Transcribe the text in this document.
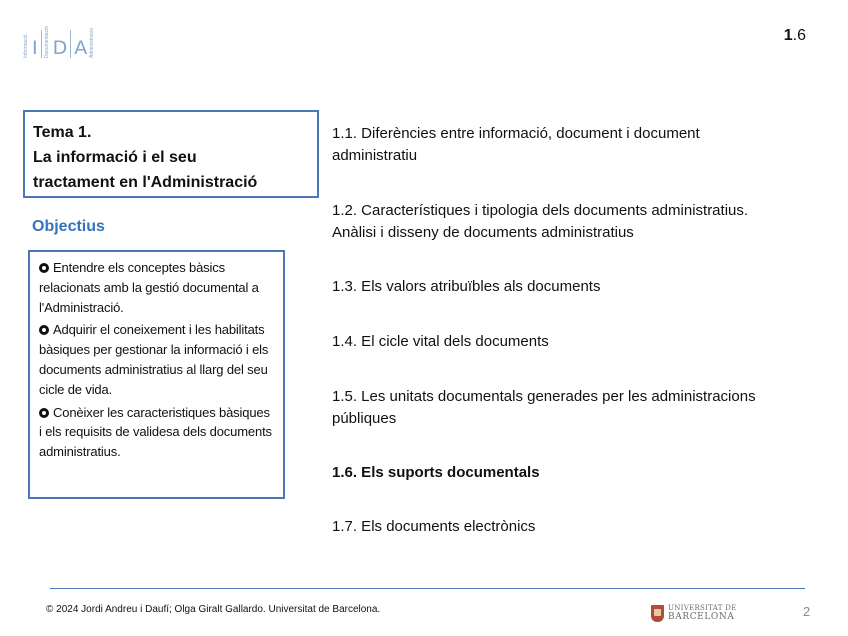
Informació I Documentació D A Administració	1.6
Tema 1.
La informació i el seu
tractament en l'Administració
Objectius
Entendre els conceptes bàsics relacionats amb la gestió documental a l'Administració.
Adquirir el coneixement i les habilitats bàsiques per gestionar la informació i els documents administratius al llarg del seu cicle de vida.
Conèixer les caracteristiques bàsiques i els requisits de validesa dels documents administratius.
1.1. Diferències entre informació, document i document
administratiu
1.2. Característiques i tipologia dels documents administratius.
Anàlisi i disseny de documents administratius
1.3. Els valors atribuïbles als documents
1.4. El cicle vital dels documents
1.5. Les unitats documentals generades per les administracions
públiques
1.6. Els suports documentals
1.7. Els documents electrònics
© 2024 Jordi Andreu i Daufí; Olga Giralt Gallardo. Universitat de Barcelona.	UNIVERSITAT DE
BARCELONA	2
